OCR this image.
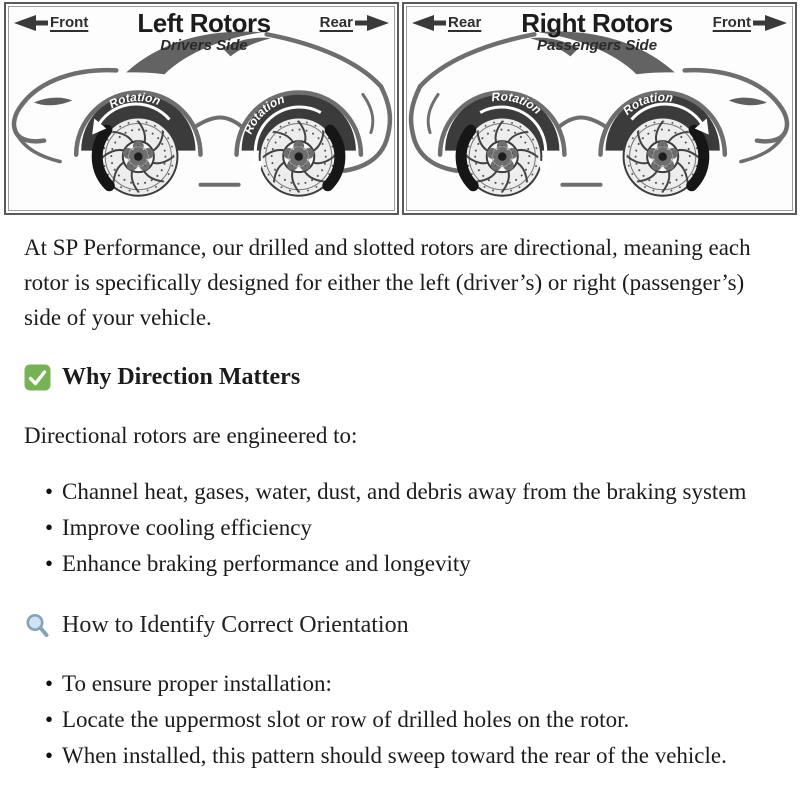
Rotation
Rotation
Front Left Rotors
Drivers Side
Rear
Rotation
Rotation
Rear Right Rotors
Passengers Side
Front

At SP Performance, our drilled and slotted rotors are directional, meaning each rotor is specifically designed for either the left (driver’s) or right (passenger’s) side of your vehicle.

Why Direction Matters

Directional rotors are engineered to:

• Channel heat, gases, water, dust, and debris away from the braking system
• Improve cooling efficiency
• Enhance braking performance and longevity
How to Identify Correct Orientation
• To ensure proper installation:
• Locate the uppermost slot or row of drilled holes on the rotor.
• When installed, this pattern should sweep toward the rear of the vehicle.
